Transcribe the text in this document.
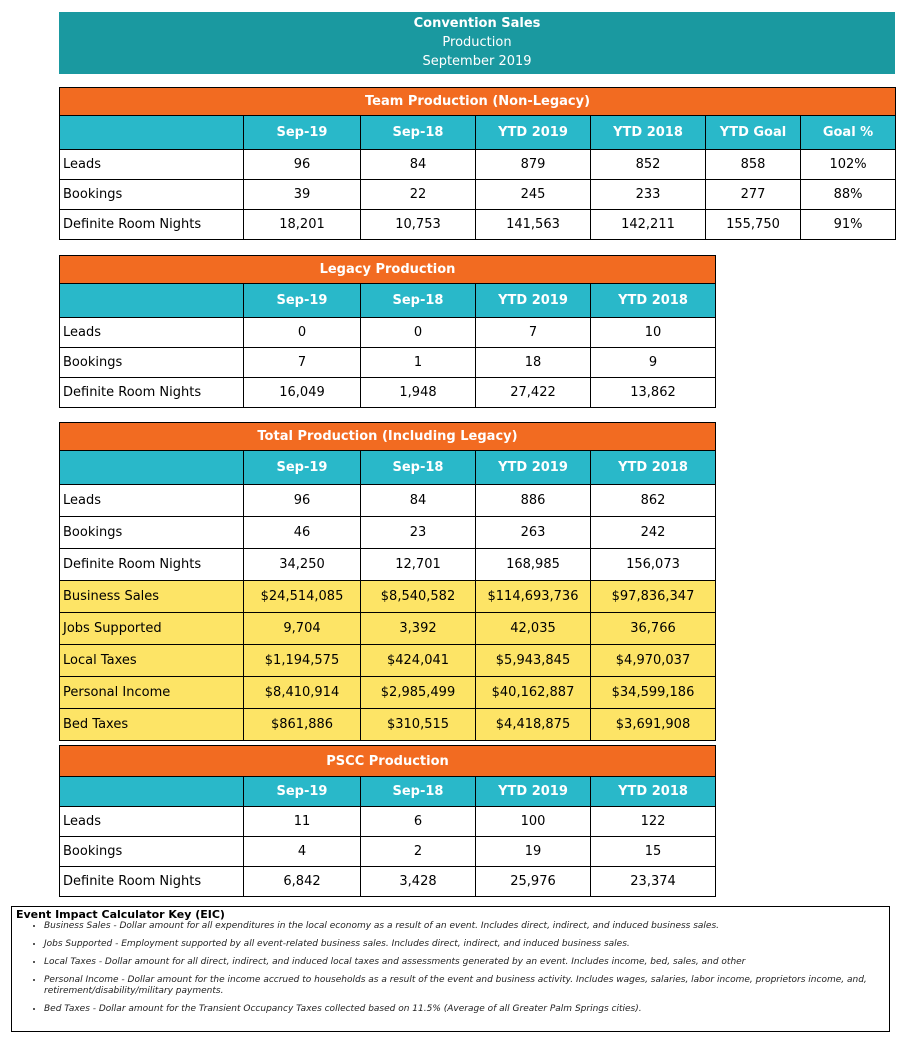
Convention Sales
Production
September 2019
Team Production (Non-Legacy)						
	Sep-19	Sep-18	YTD 2019	YTD 2018	YTD Goal	Goal %
Leads	96	84	879	852	858	102%
Bookings	39	22	245	233	277	88%
Definite Room Nights	18,201	10,753	141,563	142,211	155,750	91%
Legacy Production				
	Sep-19	Sep-18	YTD 2019	YTD 2018
Leads	0	0	7	10
Bookings	7	1	18	9
Definite Room Nights	16,049	1,948	27,422	13,862
Total Production (Including Legacy)				
	Sep-19	Sep-18	YTD 2019	YTD 2018
Leads	96	84	886	862
Bookings	46	23	263	242
Definite Room Nights	34,250	12,701	168,985	156,073
Business Sales	$24,514,085	$8,540,582	$114,693,736	$97,836,347
Jobs Supported	9,704	3,392	42,035	36,766
Local Taxes	$1,194,575	$424,041	$5,943,845	$4,970,037
Personal Income	$8,410,914	$2,985,499	$40,162,887	$34,599,186
Bed Taxes	$861,886	$310,515	$4,418,875	$3,691,908
PSCC Production				
	Sep-19	Sep-18	YTD 2019	YTD 2018
Leads	11	6	100	122
Bookings	4	2	19	15
Definite Room Nights	6,842	3,428	25,976	23,374
Event Impact Calculator Key (EIC)
• Business Sales - Dollar amount for all expenditures in the local economy as a result of an event. Includes direct, indirect, and induced business sales.
• Jobs Supported - Employment supported by all event-related business sales. Includes direct, indirect, and induced business sales.
• Local Taxes - Dollar amount for all direct, indirect, and induced local taxes and assessments generated by an event. Includes income, bed, sales, and other
• Personal Income - Dollar amount for the income accrued to households as a result of the event and business activity. Includes wages, salaries, labor income, proprietors income, and, retirement/disability/military payments.
• Bed Taxes - Dollar amount for the Transient Occupancy Taxes collected based on 11.5% (Average of all Greater Palm Springs cities).
